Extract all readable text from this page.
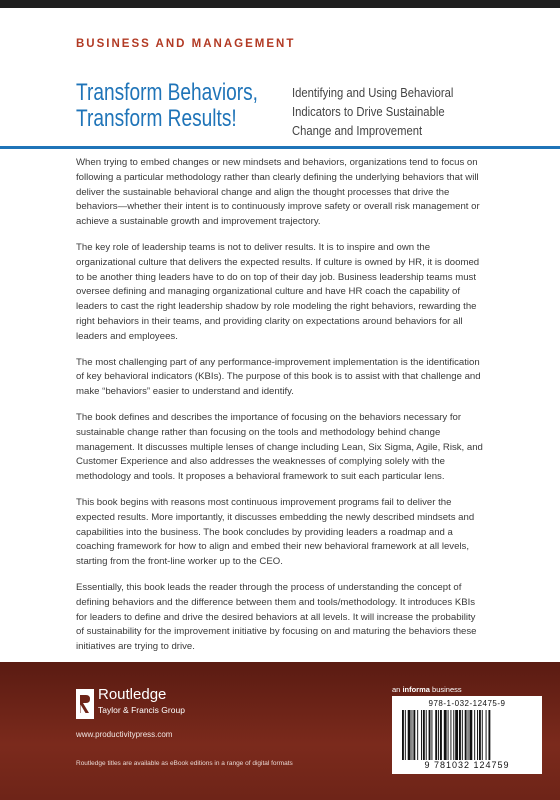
BUSINESS AND MANAGEMENT
Transform Behaviors,
Transform Results!
Identifying and Using Behavioral
Indicators to Drive Sustainable
Change and Improvement

When trying to embed changes or new mindsets and behaviors, organizations tend to focus on following a particular methodology rather than clearly defining the underlying behaviors that will deliver the sustainable behavioral change and align the thought processes that drive the behaviors—whether their intent is to continuously improve safety or overall risk management or achieve a sustainable growth and improvement trajectory.

The key role of leadership teams is not to deliver results. It is to inspire and own the organizational culture that delivers the expected results. If culture is owned by HR, it is doomed to be another thing leaders have to do on top of their day job. Business leadership teams must oversee defining and managing organizational culture and have HR coach the capability of leaders to cast the right leadership shadow by role modeling the right behaviors, rewarding the right behaviors in their teams, and providing clarity on expectations around behaviors for all leaders and employees.

The most challenging part of any performance-improvement implementation is the identification of key behavioral indicators (KBIs). The purpose of this book is to assist with that challenge and make “behaviors” easier to understand and identify.

The book defines and describes the importance of focusing on the behaviors necessary for sustainable change rather than focusing on the tools and methodology behind change management. It discusses multiple lenses of change including Lean, Six Sigma, Agile, Risk, and Customer Experience and also addresses the weaknesses of complying solely with the methodology and tools. It proposes a behavioral framework to suit each particular lens.

This book begins with reasons most continuous improvement programs fail to deliver the expected results. More importantly, it discusses embedding the newly described mindsets and capabilities into the business. The book concludes by providing leaders a roadmap and a coaching framework for how to align and embed their new behavioral framework at all levels, starting from the front-line worker up to the CEO.

Essentially, this book leads the reader through the process of understanding the concept of defining behaviors and the difference between them and tools/methodology. It introduces KBIs for leaders to define and drive the desired behaviors at all levels. It will increase the probability of sustainability for the improvement initiative by focusing on and maturing the behaviors these initiatives are trying to drive.

Routledge
Taylor & Francis Group
www.productivitypress.com
Routledge titles are available as eBook editions in a range of digital formats
an informa business
978-1-032-12475-9
9 781032 124759
